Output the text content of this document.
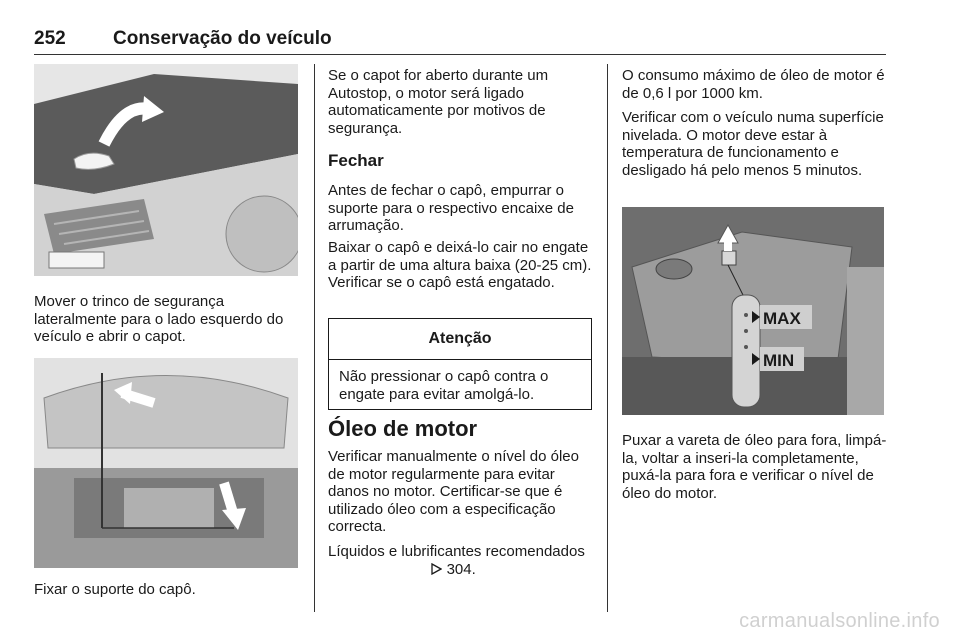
252 Conservação do veículo

Mover o trinco de segurança lateralmente para o lado esquerdo do veículo e abrir o capot.

Fixar o suporte do capô.

Se o capot for aberto durante um Autostop, o motor será ligado automaticamente por motivos de segurança.

Fechar

Antes de fechar o capô, empurrar o suporte para o respectivo encaixe de arrumação.

Baixar o capô e deixá-lo cair no engate a partir de uma altura baixa (20-25 cm). Verificar se o capô está engatado.

Atenção
Não pressionar o capô contra o engate para evitar amolgá-lo.

Óleo de motor

Verificar manualmente o nível do óleo de motor regularmente para evitar danos no motor. Certificar-se que é utilizado óleo com a especificação correcta.

Líquidos e lubrificantes recomendados

304.

O consumo máximo de óleo de motor é de 0,6 l por 1000 km.

Verificar com o veículo numa superfície nivelada. O motor deve estar à temperatura de funcionamento e desligado há pelo menos 5 minutos.

MAX
MIN

Puxar a vareta de óleo para fora, limpá-la, voltar a inseri-la completamente, puxá-la para fora e verificar o nível de óleo do motor.

carmanualsonline.info
